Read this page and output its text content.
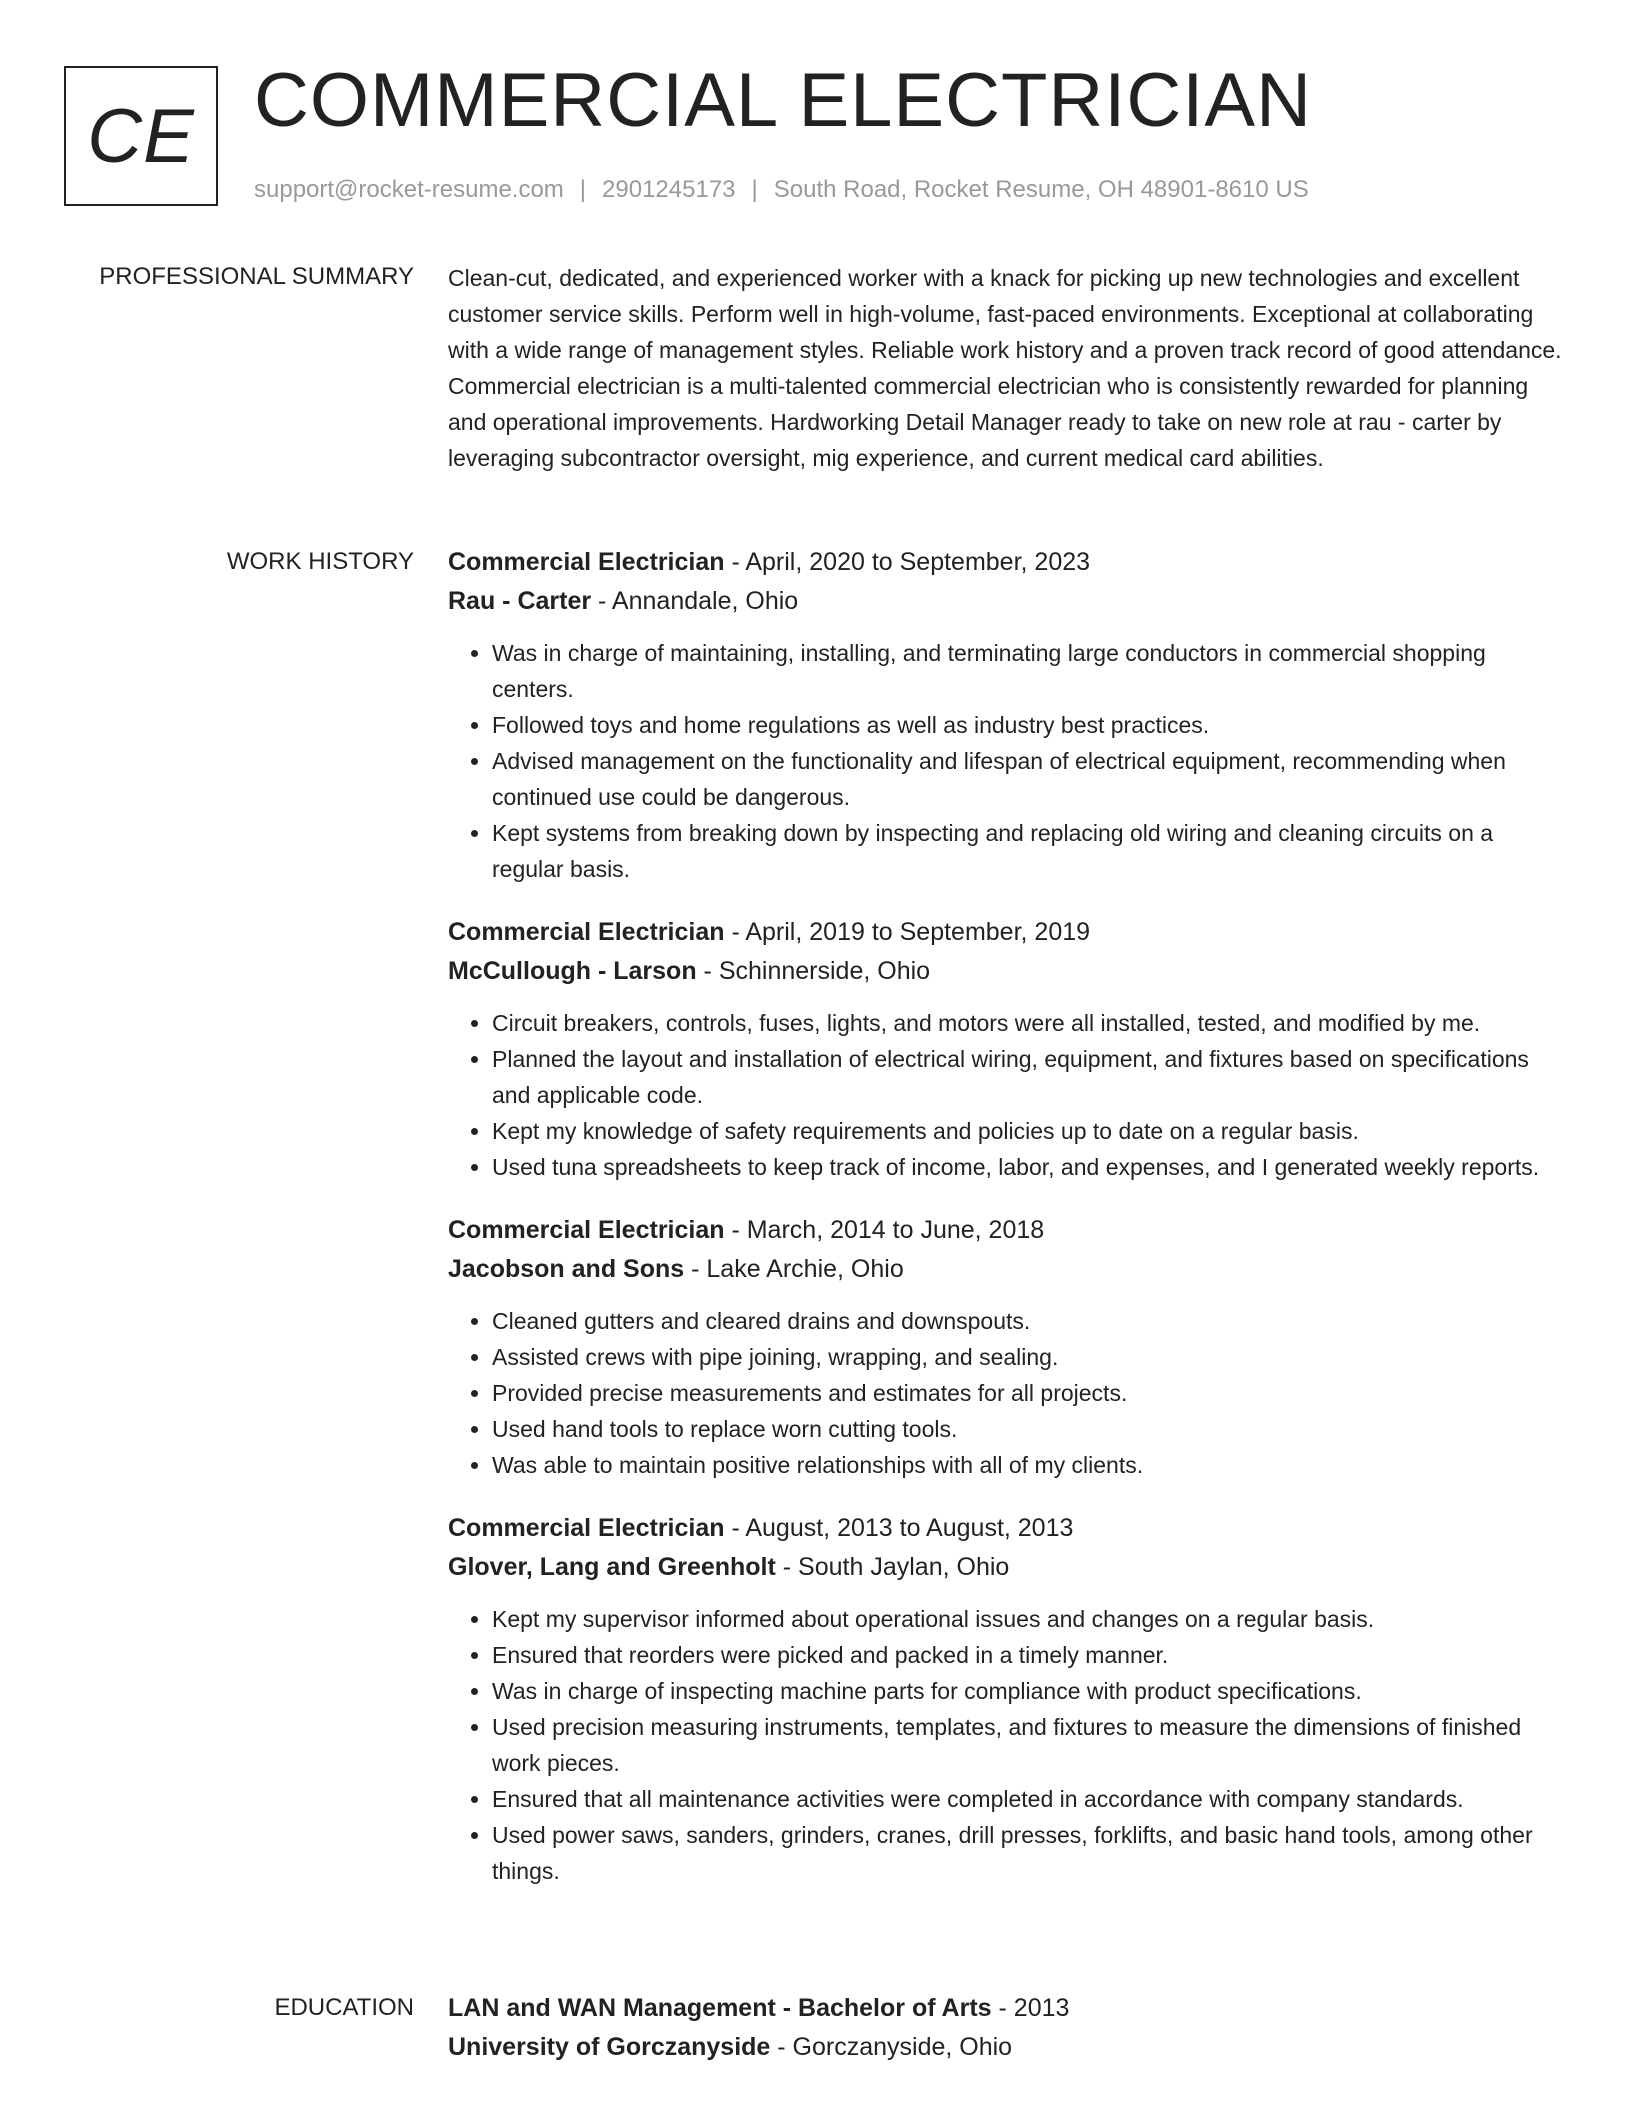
CE COMMERCIAL ELECTRICIAN
support@rocket-resume.com | 2901245173 | South Road, Rocket Resume, OH 48901-8610 US
PROFESSIONAL SUMMARY Clean-cut, dedicated, and experienced worker with a knack for picking up new technologies and excellent customer service skills. Perform well in high-volume, fast-paced environments. Exceptional at collaborating with a wide range of management styles. Reliable work history and a proven track record of good attendance. Commercial electrician is a multi-talented commercial electrician who is consistently rewarded for planning and operational improvements. Hardworking Detail Manager ready to take on new role at rau - carter by leveraging subcontractor oversight, mig experience, and current medical card abilities.

WORK HISTORY Commercial Electrician - April, 2020 to September, 2023
Rau - Carter - Annandale, Ohio
• Was in charge of maintaining, installing, and terminating large conductors in commercial shopping centers.
• Followed toys and home regulations as well as industry best practices.
• Advised management on the functionality and lifespan of electrical equipment, recommending when continued use could be dangerous.
• Kept systems from breaking down by inspecting and replacing old wiring and cleaning circuits on a regular basis.
Commercial Electrician - April, 2019 to September, 2019
McCullough - Larson - Schinnerside, Ohio
• Circuit breakers, controls, fuses, lights, and motors were all installed, tested, and modified by me.
• Planned the layout and installation of electrical wiring, equipment, and fixtures based on specifications and applicable code.
• Kept my knowledge of safety requirements and policies up to date on a regular basis.
• Used tuna spreadsheets to keep track of income, labor, and expenses, and I generated weekly reports.
Commercial Electrician - March, 2014 to June, 2018
Jacobson and Sons - Lake Archie, Ohio
• Cleaned gutters and cleared drains and downspouts.
• Assisted crews with pipe joining, wrapping, and sealing.
• Provided precise measurements and estimates for all projects.
• Used hand tools to replace worn cutting tools.
• Was able to maintain positive relationships with all of my clients.
Commercial Electrician - August, 2013 to August, 2013
Glover, Lang and Greenholt - South Jaylan, Ohio
• Kept my supervisor informed about operational issues and changes on a regular basis.
• Ensured that reorders were picked and packed in a timely manner.
• Was in charge of inspecting machine parts for compliance with product specifications.
• Used precision measuring instruments, templates, and fixtures to measure the dimensions of finished work pieces.
• Ensured that all maintenance activities were completed in accordance with company standards.
• Used power saws, sanders, grinders, cranes, drill presses, forklifts, and basic hand tools, among other things.
EDUCATION LAN and WAN Management - Bachelor of Arts - 2013
University of Gorczanyside - Gorczanyside, Ohio
